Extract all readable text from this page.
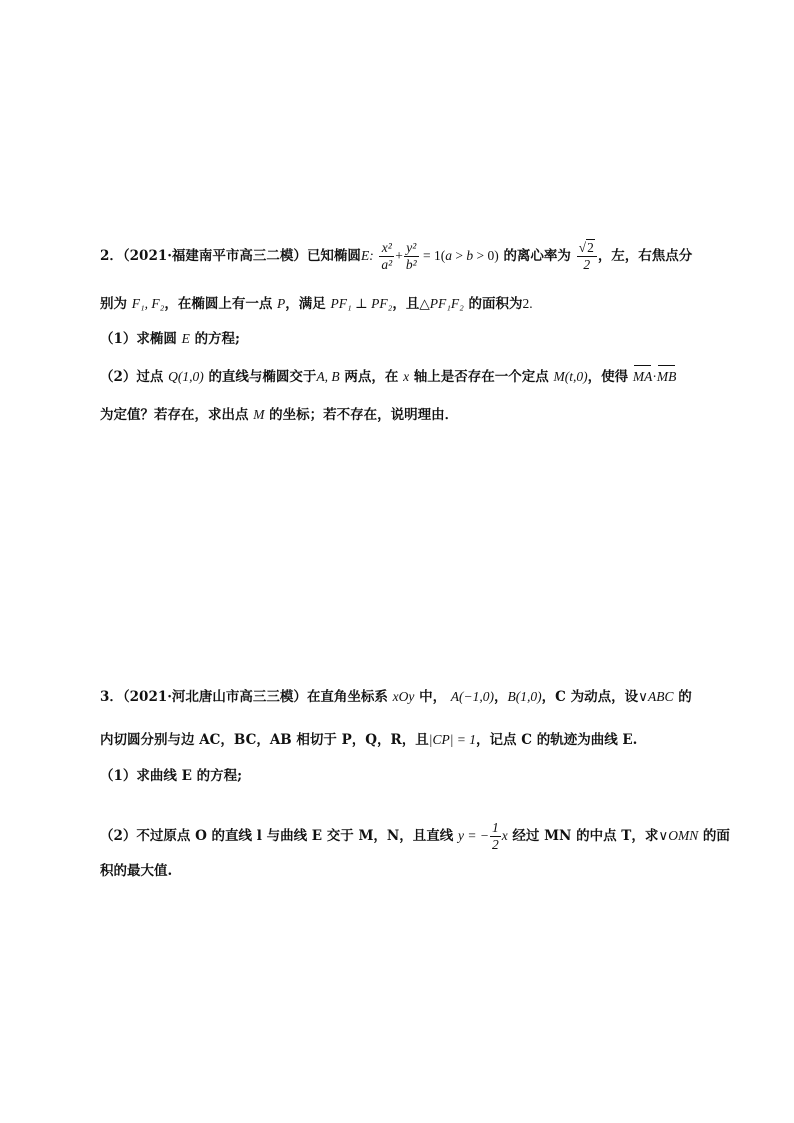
2．（2021·福建南平市高三二模）已知椭圆E: $\frac{\text{x²}}{\text{a²}} + \frac{\text{y²}}{\text{b²}} = 1(a > b > 0)$ 的离心率为 $\frac{√2}{2}$ ，左，右焦点分
别为 F₁, F₂，在椭圆上有一点 P，满足 PF₁ ⊥ PF₂，且△PF₁F₂ 的面积为2.
（1）求椭圆 E 的方程;
（2）过点 Q(1,0) 的直线与椭圆交于A, B 两点，在 x 轴上是否存在一个定点 M(t,0)，使得 MA·MB
为定值？若存在，求出点 M 的坐标；若不存在，说明理由．
3．（2021·河北唐山市高三三模）在直角坐标系 xOy 中， A(−1,0)，B(1,0)，C 为动点，设∨ABC 的
内切圆分别与边 AC，BC，AB 相切于 P，Q，R，且|CP| = 1，记点 C 的轨迹为曲线 E.
（1）求曲线 E 的方程;
（2）不过原点 O 的直线 l 与曲线 E 交于 M，N，且直线 y = − $\frac{1}{2}$ x 经过 MN 的中点 T，求∨OMN 的面
积的最大值.
